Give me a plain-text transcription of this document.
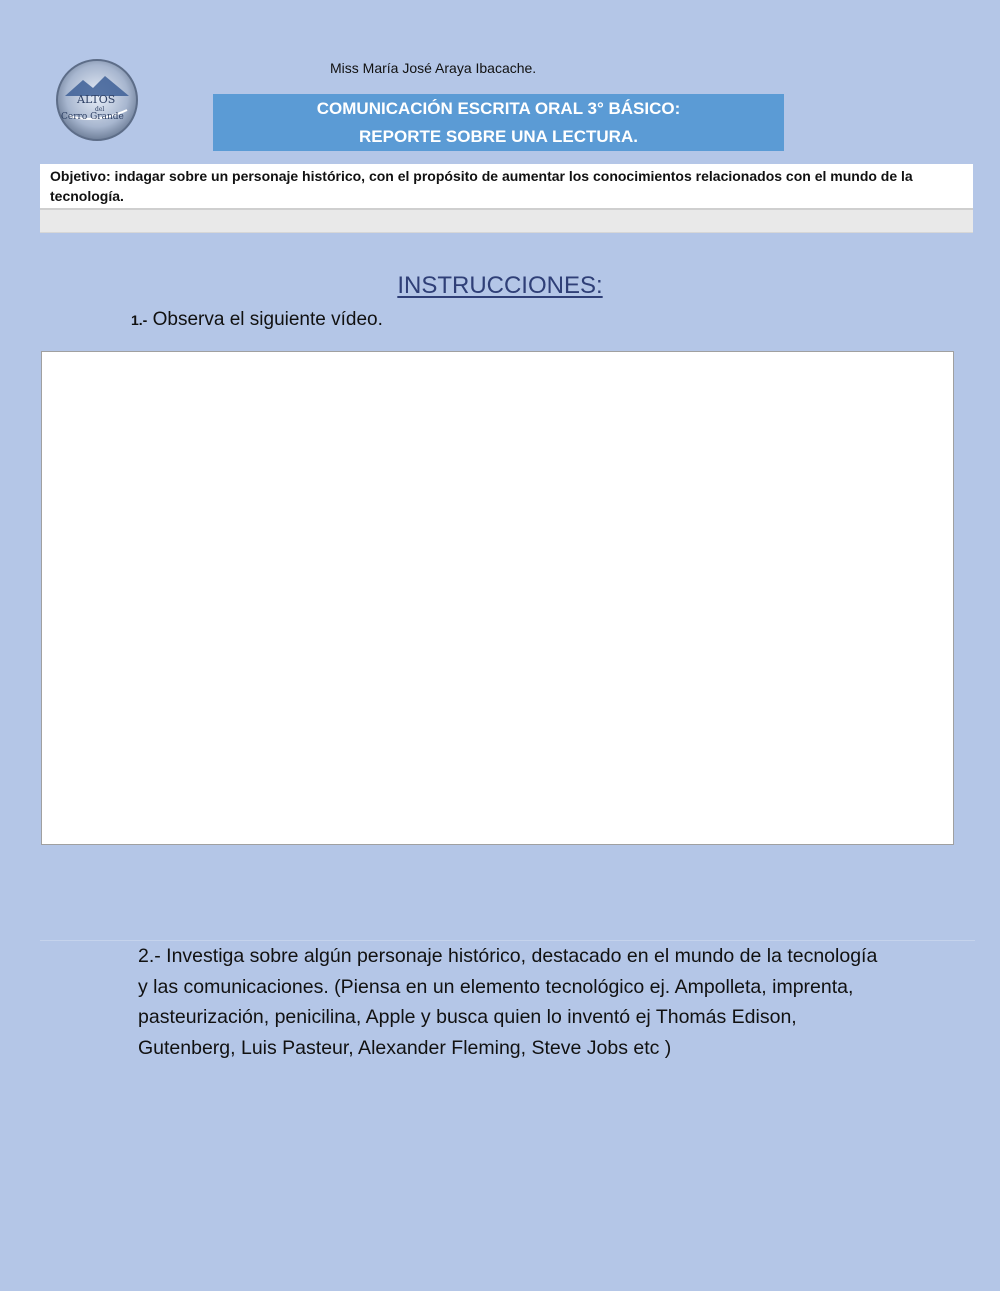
Miss María José Araya Ibacache.
ALTOS
del
Cerro Grande	COMUNICACIÓN ESCRITA ORAL 3° BÁSICO:
REPORTE SOBRE UNA LECTURA.
Objetivo: indagar sobre un personaje histórico, con el propósito de aumentar los conocimientos relacionados con el mundo de la tecnología.
INSTRUCCIONES:
1.- Observa el siguiente vídeo.
2.- Investiga sobre algún personaje histórico, destacado en el mundo de la tecnología y las comunicaciones. (Piensa en un elemento tecnológico ej. Ampolleta, imprenta, pasteurización, penicilina, Apple y busca quien lo inventó ej Thomás Edison, Gutenberg, Luis Pasteur, Alexander Fleming, Steve Jobs etc )
